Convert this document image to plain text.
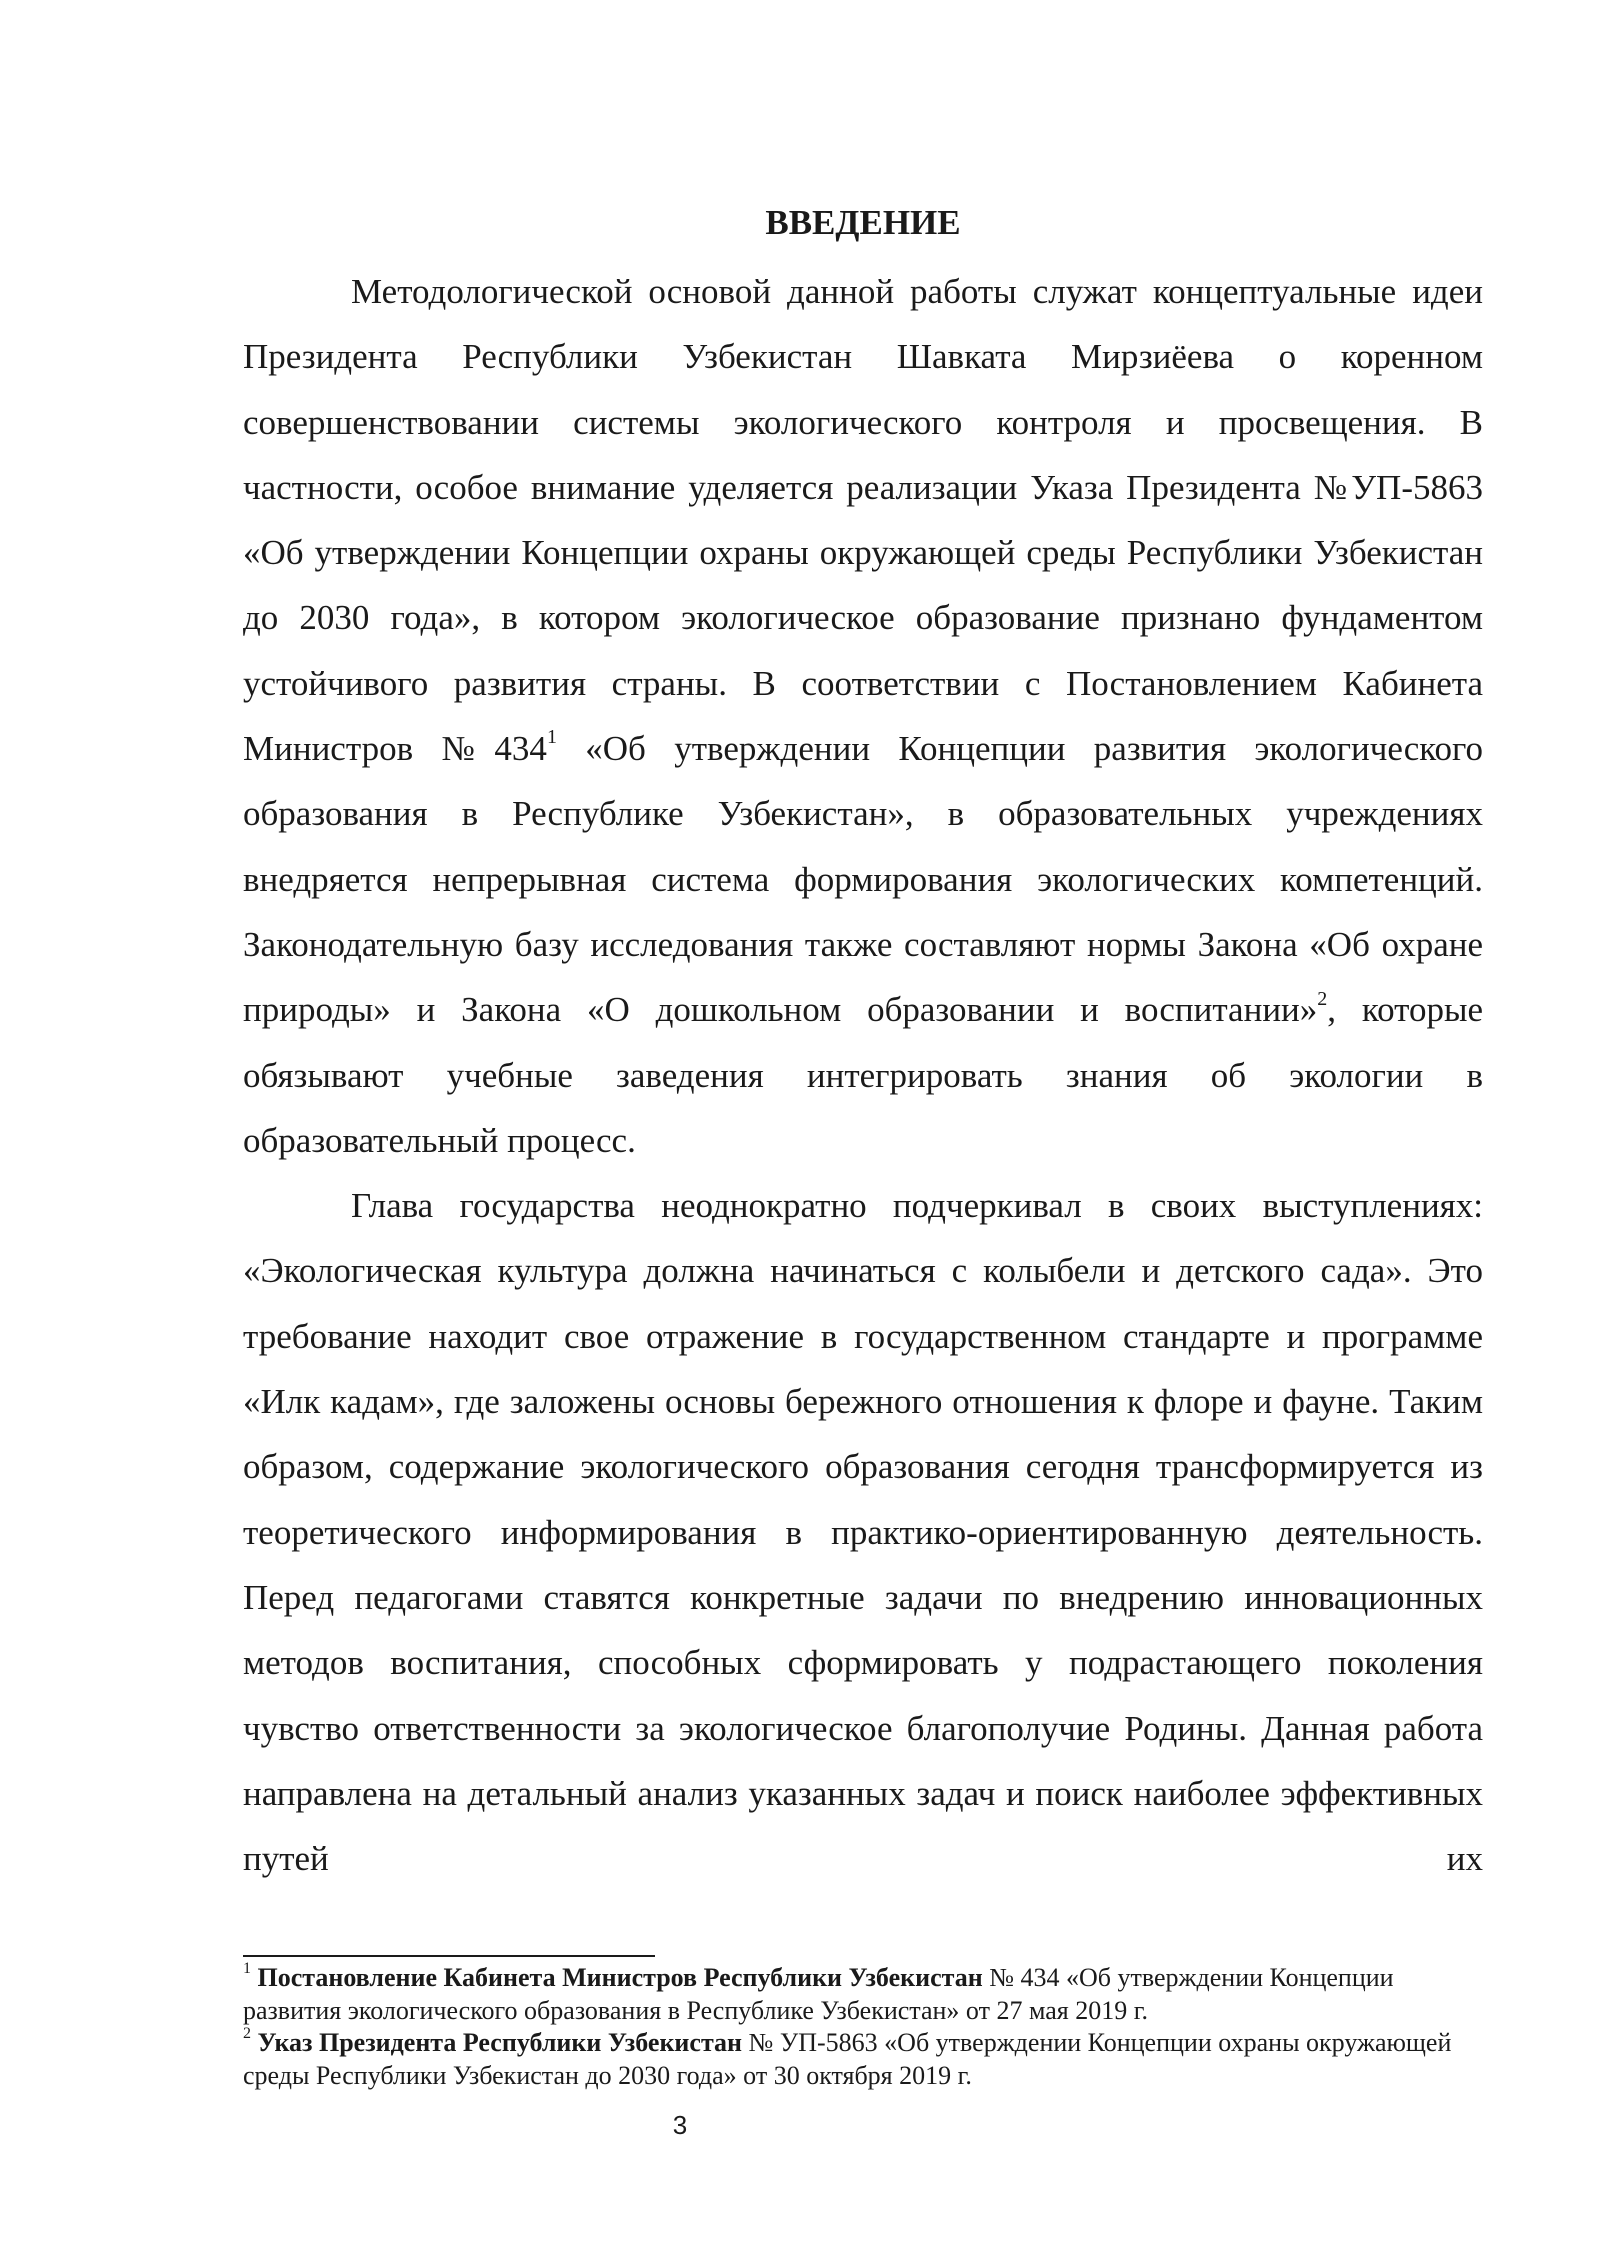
ВВЕДЕНИЕ

Методологической основой данной работы служат концептуальные идеи Президента Республики Узбекистан Шавката Мирзиёева о коренном совершенствовании системы экологического контроля и просвещения. В частности, особое внимание уделяется реализации Указа Президента №УП-5863 «Об утверждении Концепции охраны окружающей среды Республики Узбекистан до 2030 года», в котором экологическое образование признано фундаментом устойчивого развития страны. В соответствии с Постановлением Кабинета Министров $№434^1$ «Об утверждении Концепции развития экологического образования в Республике Узбекистан», в образовательных учреждениях внедряется непрерывная система формирования экологических компетенций. Законодательную базу исследования также составляют нормы Закона «Об охране природы» и Закона «О дошкольном образовании и воспитании»$^2$, которые обязывают учебные заведения интегрировать знания об экологии в образовательный процесс.

Глава государства неоднократно подчеркивал в своих выступлениях: «Экологическая культура должна начинаться с колыбели и детского сада». Это требование находит свое отражение в государственном стандарте и программе «Илк кадам», где заложены основы бережного отношения к флоре и фауне. Таким образом, содержание экологического образования сегодня трансформируется из теоретического информирования в практико-ориентированную деятельность. Перед педагогами ставятся конкретные задачи по внедрению инновационных методов воспитания, способных сформировать у подрастающего поколения чувство ответственности за экологическое благополучие Родины. Данная работа направлена на детальный анализ указанных задач и поиск наиболее эффективных путей их

$^1$ Постановление Кабинета Министров Республики Узбекистан № 434 «Об утверждении Концепции развития экологического образования в Республике Узбекистан» от 27 мая 2019 г.

$^2$ Указ Президента Республики Узбекистан № УП-5863 «Об утверждении Концепции охраны окружающей среды Республики Узбекистан до 2030 года» от 30 октября 2019 г.

3
